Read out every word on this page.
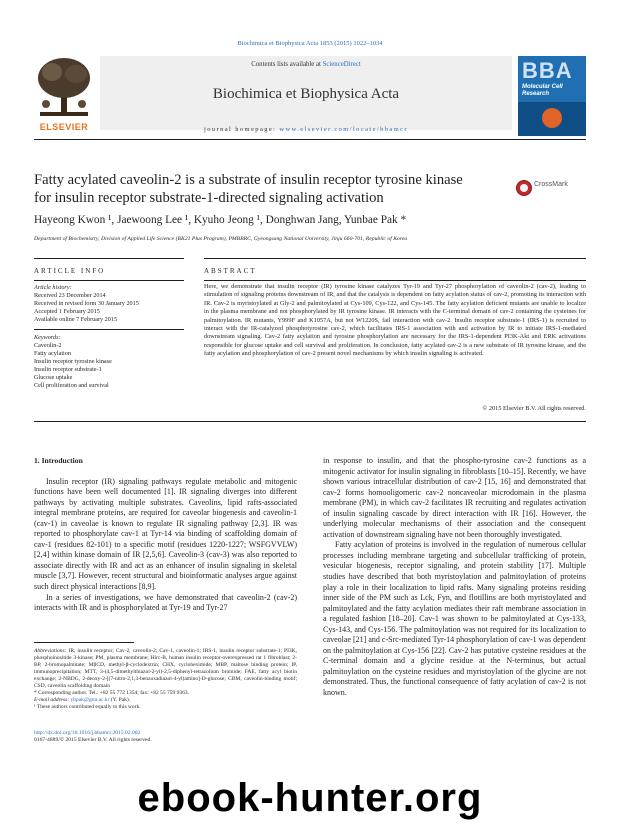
Biochimica et Biophysica Acta 1853 (2015) 1022–1034
ELSEVIER
Contents lists available at ScienceDirect
Biochimica et Biophysica Acta
journal homepage: www.elsevier.com/locate/bbamcr
BBA
Molecular Cell Research
Fatty acylated caveolin-2 is a substrate of insulin receptor tyrosine kinase
for insulin receptor substrate-1-directed signaling activation
CrossMark
Hayeong Kwon ¹, Jaewoong Lee ¹, Kyuho Jeong ¹, Donghwan Jang, Yunbae Pak *
Department of Biochemistry, Division of Applied Life Science (BK21 Plus Program), PMBBRC, Gyeongsang National University, Jinju 660-701, Republic of Korea
ARTICLE INFO	ABSTRACT
Article history:
Received 23 December 2014
Received in revised form 30 January 2015
Accepted 1 February 2015
Available online 7 February 2015
Keywords:
Caveolin-2
Fatty acylation
Insulin receptor tyrosine kinase
Insulin receptor substrate-1
Glucose uptake
Cell proliferation and survival
Here, we demonstrate that insulin receptor (IR) tyrosine kinase catalyzes Tyr-19 and Tyr-27 phosphorylation of caveolin-2 (cav-2), leading to stimulation of signaling proteins downstream of IR, and that the catalysis is dependent on fatty acylation status of cav-2, promoting its interaction with IR. Cav-2 is myristoylated at Gly-2 and palmitoylated at Cys-109, Cys-122, and Cys-145. The fatty acylation deficient mutants are unable to localize in the plasma membrane and not phosphorylated by IR tyrosine kinase. IR interacts with the C-terminal domain of cav-2 containing the cysteines for palmitoylation. IR mutants, Y999F and K1057A, but not W1220S, fail interaction with cav-2. Insulin receptor substrate-1 (IRS-1) is recruited to interact with the IR-catalyzed phosphotyrosine cav-2, which facilitates IRS-1 association with and activation by IR to initiate IRS-1-mediated downstream signaling. Cav-2 fatty acylation and tyrosine phosphorylation are necessary for the IRS-1-dependent PI3K-Akt and ERK activations responsible for glucose uptake and cell survival and proliferation. In conclusion, fatty acylated cav-2 is a new substrate of IR tyrosine kinase, and the fatty acylation and phosphorylation of cav-2 present novel mechanisms by which insulin signaling is activated.
© 2015 Elsevier B.V. All rights reserved.
1. Introduction

Insulin receptor (IR) signaling pathways regulate metabolic and mitogenic functions have been well documented [1]. IR signaling diverges into different pathways by activating multiple substrates. Caveolins, lipid rafts-associated integral membrane proteins, are required for caveolar biogenesis and caveolin-1 (cav-1) in caveolae is known to regulate IR signaling pathway [2,3]. IR was reported to phosphorylate cav-1 at Tyr-14 via binding of scaffolding domain of cav-1 (residues 82-101) to a specific motif (residues 1220-1227; WSFGVVLW) [2,4] within kinase domain of IR [2,5,6]. Caveolin-3 (cav-3) was also reported to associate directly with IR and act as an enhancer of insulin signaling in skeletal muscle [3,7]. However, recent structural and bioinformatic analyses argue against such direct physical interactions [8,9].

In a series of investigations, we have demonstrated that caveolin-2 (cav-2) interacts with IR and is phosphorylated at Tyr-19 and Tyr-27

in response to insulin, and that the phospho-tyrosine cav-2 functions as a mitogenic activator for insulin signaling in fibroblasts [10–15]. Recently, we have shown various intracellular distribution of cav-2 [15, 16] and demonstrated that cav-2 forms homooligomeric cav-2 noncaveolar microdomain in the plasma membrane (PM), in which cav-2 facilitates IR recruiting and regulates activation of insulin signaling cascade by direct interaction with IR [16]. However, the underlying molecular mechanisms of their association and the consequent activation of downstream signaling have not been thoroughly investigated.

Fatty acylation of proteins is involved in the regulation of numerous cellular processes including membrane targeting and subcellular trafficking of protein, vesicular biogenesis, receptor signaling, and protein stability [17]. Multiple studies have described that both myristoylation and palmitoylation of proteins play a role in their localization to lipid rafts. Many signaling proteins residing inner side of the PM such as Lck, Fyn, and flotillins are both myristoylated and palmitoylated and the fatty acylation mediates their raft membrane association in a regulated fashion [18–20]. Cav-1 was shown to be palmitoylated at Cys-133, Cys-143, and Cys-156. The palmitoylation was not required for its localization to caveolae [21] and c-Src-mediated Tyr-14 phosphorylation of cav-1 was dependent on the palmitoylation at Cys-156 [22]. Cav-2 has putative cysteine residues at the C-terminal domain and a glycine residue at the N-terminus, but actual palmitoylation on the cysteine residues and myristoylation of the glycine are not demonstrated. Thus, the functional consequence of fatty acylation of cav-2 is not known.

Abbreviations: IR, insulin receptor; Cav-2, caveolin-2; Cav-1, caveolin-1; IRS-1, insulin receptor substrate-1; PI3K, phosphoinositide 3-kinase; PM, plasma membrane; Hirc-B, human insulin receptor-overexpressed rat 1 fibroblast; 2-BP, 2-bromopalmitate; MβCD, methyl-β-cyclodextrin; CHX, cycloheximide; MBP, maltose binding protein; IP, immunoprecipitation; MTT, 3-(4,5-dimethylthiazol-2-yl)-2,5-diphenyl-tetrazolium bromide; FAE, fatty acyl biotin exchange; 2-NBDG, 2-deoxy-2-[(7-nitro-2,1,3-benzoxadiazol-4-yl)amino]-D-glucose; CBM, caveolin-binding motif; CSD, caveolin scaffolding domain
* Corresponding author. Tel.: +82 55 772 1354; fax: +82 55 759 9363.
E-mail address: ybpak@gnu.ac.kr (Y. Pak).
¹ These authors contributed equally to this work.
http://dx.doi.org/10.1016/j.bbamcr.2015.02.002
0167-4889/© 2015 Elsevier B.V. All rights reserved.
ebook-hunter.org
